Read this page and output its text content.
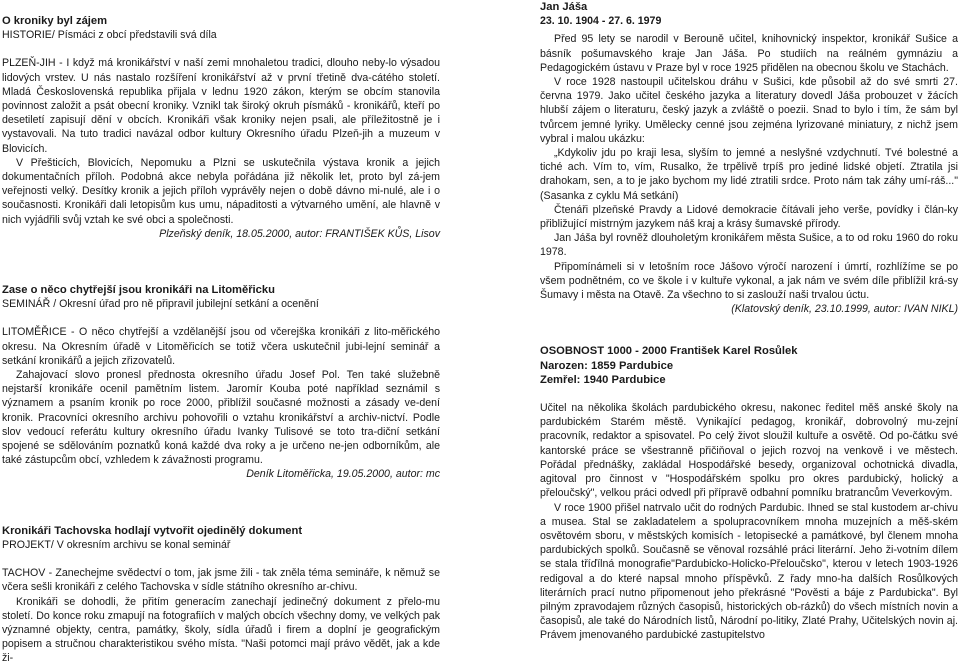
O kroniky byl zájem

HISTORIE/ Písmáci z obcí představili svá díla

PLZEŇ-JIH - I když má kronikářství v naší zemi mnohaletou tradici, dlouho neby-lo výsadou lidových vrstev. U nás nastalo rozšíření kronikářství až v první třetině dva-cátého století. Mladá Československá republika přijala v lednu 1920 zákon, kterým se obcím stanovila povinnost založit a psát obecní kroniky. Vznikl tak široký okruh písmáků - kronikářů, kteří po desetiletí zapisují dění v obcích. Kronikáři však kroniky nejen psali, ale příležitostně je i vystavovali. Na tuto tradici navázal odbor kultury Okresního úřadu Plzeň-jih a muzeum v Blovicích.

V Přešticích, Blovicích, Nepomuku a Plzni se uskutečnila výstava kronik a jejich dokumentačních příloh. Podobná akce nebyla pořádána již několik let, proto byl zá-jem veřejnosti velký. Desítky kronik a jejich příloh vyprávěly nejen o době dávno mi-nulé, ale i o současnosti. Kronikáři dali letopisům kus umu, nápaditosti a výtvarného umění, ale hlavně v nich vyjádřili svůj vztah ke své obci a společnosti.

Plzeňský deník, 18.05.2000, autor: FRANTIŠEK KŮS, Lisov

Zase o něco chytřejší jsou kronikáři na Litoměřicku

SEMINÁŘ / Okresní úřad pro ně připravil jubilejní setkání a ocenění

LITOMĚŘICE - O něco chytřejší a vzdělanější jsou od včerejška kronikáři z lito-měřického okresu. Na Okresním úřadě v Litoměřicích se totiž včera uskutečnil jubi-lejní seminář a setkání kronikářů a jejich zřizovatelů.

Zahajovací slovo pronesl přednosta okresního úřadu Josef Pol. Ten také služebně nejstarší kronikáře ocenil pamětním listem. Jaromír Kouba poté například seznámil s významem a psaním kronik po roce 2000, přiblížil současné možnosti a zásady ve-dení kronik. Pracovníci okresního archivu pohovořili o vztahu kronikářství a archiv-nictví. Podle slov vedoucí referátu kultury okresního úřadu Ivanky Tulisové se toto tra-diční setkání spojené se sdělováním poznatků koná každé dva roky a je určeno ne-jen odborníkům, ale také zástupcům obcí, vzhledem k závažnosti programu.

Deník Litoměřicka, 19.05.2000, autor: mc

Kronikáři Tachovska hodlají vytvořit ojedinělý dokument

PROJEKT/ V okresním archivu se konal seminář

TACHOV - Zanechejme svědectví o tom, jak jsme žili - tak zněla téma semináře, k němuž se včera sešli kronikáři z celého Tachovska v sídle státního okresního ar-chivu.

Kronikáři se dohodli, že přitím generacím zanechají jedinečný dokument z přelo-mu století. Do konce roku zmapují na fotografiích v malých obcích všechny domy, ve velkých pak významné objekty, centra, památky, školy, sídla úřadů i firem a doplní je geografickým popisem a stručnou charakteristikou svého místa. "Naši potomci mají právo vědět, jak a kde ži-

Jan Jáša

23. 10. 1904 - 27. 6. 1979

Před 95 lety se narodil v Berouně učitel, knihovnický inspektor, kronikář Sušice a básník pošumavského kraje Jan Jáša. Po studiích na reálném gymnáziu a Pedagogickém ústavu v Praze byl v roce 1925 přidělen na obecnou školu ve Stachách.

V roce 1928 nastoupil učitelskou dráhu v Sušici, kde působil až do své smrti 27. června 1979. Jako učitel českého jazyka a literatury dovedl Jáša probouzet v žácích hlubší zájem o literaturu, český jazyk a zvláště o poezii. Snad to bylo i tím, že sám byl tvůrcem jemné lyriky. Umělecky cenné jsou zejména lyrizované miniatury, z nichž jsem vybral i malou ukázku:

„Kdykoliv jdu po kraji lesa, slyším to jemné a neslyšné vzdychnutí. Tvé bolestné a tiché ach. Vím to, vím, Rusalko, že trpělivě trpíš pro jediné lidské objetí. Ztratila jsi drahokam, sen, a to je jako bychom my lidé ztratili srdce. Proto nám tak záhy umí-ráš..." (Sasanka z cyklu Má setkání)

Čtenáři plzeňské Pravdy a Lidové demokracie čítávali jeho verše, povídky i člán-ky přibližující mistrným jazykem náš kraj a krásy šumavské přírody.

Jan Jáša byl rovněž dlouholetým kronikářem města Sušice, a to od roku 1960 do roku 1978.

Připomínámeli si v letošním roce Jášovo výročí narození i úmrtí, rozhlížíme se po všem podnětném, co ve škole i v kultuře vykonal, a jak nám ve svém díle přiblížil krá-sy Šumavy i města na Otavě. Za všechno to si zaslouží naši trvalou úctu.

(Klatovský deník, 23.10.1999, autor: IVAN NIKL)

OSOBNOST 1000 - 2000 František Karel Rosůlek

Narozen: 1859 Pardubice

Zemřel: 1940 Pardubice

Učitel na několika školách pardubického okresu, nakonec ředitel měš anské školy na pardubickém Starém městě. Vynikající pedagog, kronikář, dobrovolný mu-zejní pracovník, redaktor a spisovatel. Po celý život sloužil kultuře a osvětě. Od po-čátku své kantorské práce se všestranně přičiňoval o jejich rozvoj na venkově i ve městech. Pořádal přednášky, zakládal Hospodářské besedy, organizoval ochotnická divadla, agitoval pro činnost v "Hospodářském spolku pro okres pardubický, holický a přeloučský", velkou práci odvedl při přípravě odbahní pomníku bratrancům Veverkovým.

V roce 1900 přišel natrvalo učit do rodných Pardubic. Ihned se stal kustodem ar-chivu a musea. Stal se zakladatelem a spolupracovníkem mnoha muzejních a měš-ském osvětovém sboru, v městských komisích - letopisecké a památkové, byl členem mnoha pardubických spolků. Současně se věnoval rozsáhlé práci literární. Jeho ži-votním dílem se stala tříďílná monografie"Pardubicko-Holicko-Přeloučsko", kterou v letech 1903-1926 redigoval a do které napsal mnoho příspěvků. Z řady mno-ha dalších Rosůlkových literárních prací nutno připomenout jeho překrásné "Pověsti a báje z Pardubicka". Byl pilným zpravodajem různých časopisů, historických ob-rázků) do všech místních novin a časopisů, ale také do Národních listů, Národní po-litiky, Zlaté Prahy, Učitelských novin aj. Právem jmenovaného pardubické zastupitelstvo
